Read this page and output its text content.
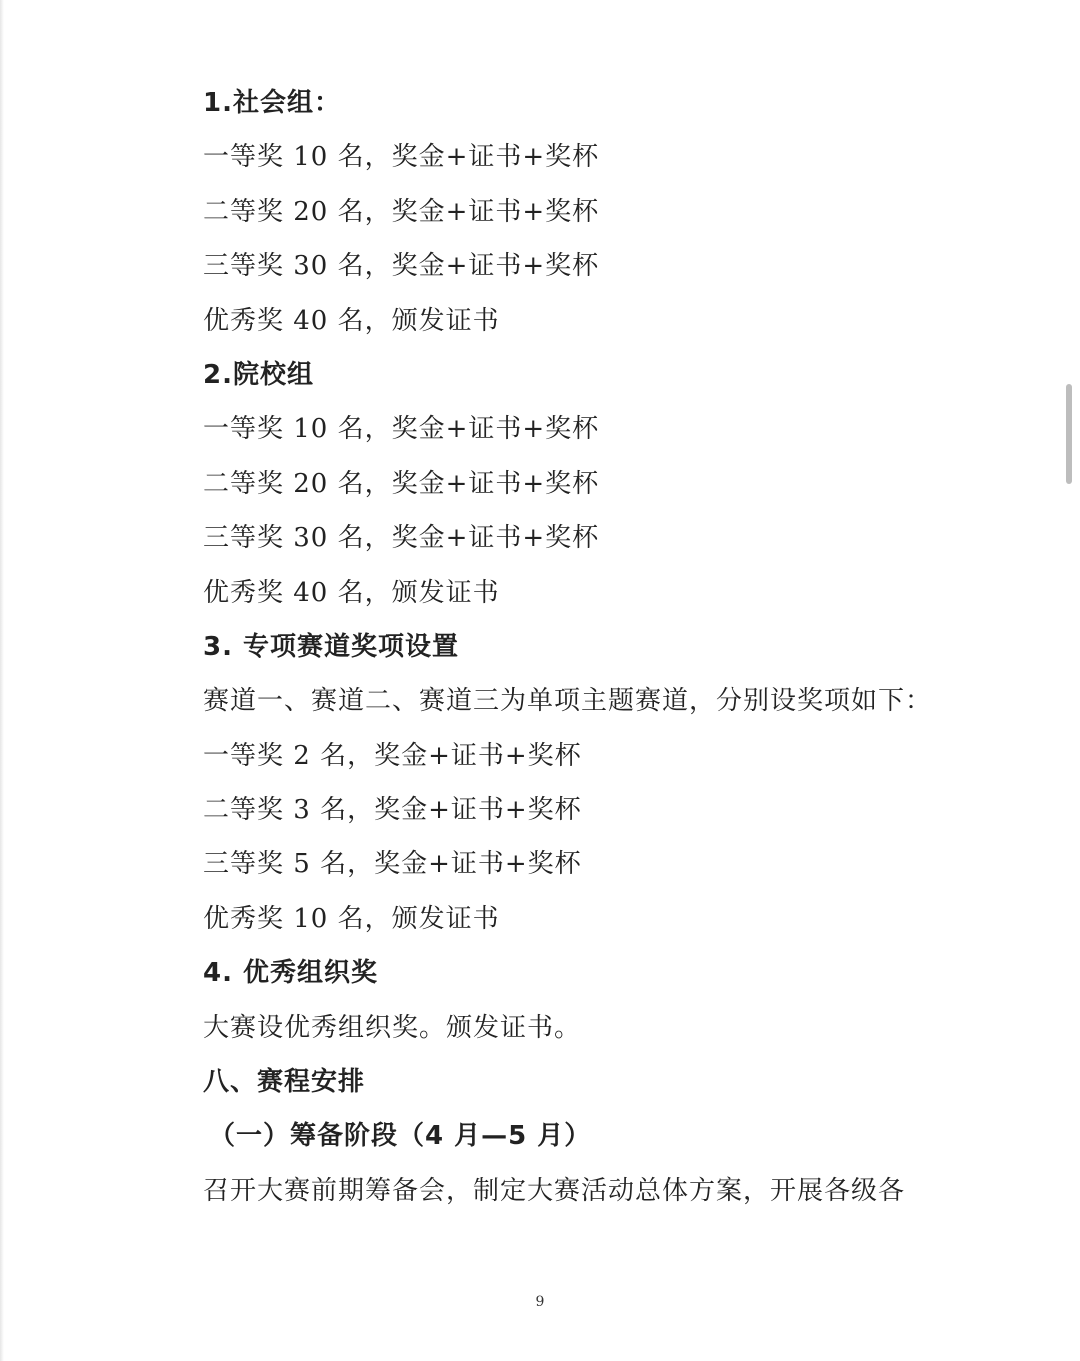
1.社会组：
一等奖 10 名，奖金+证书+奖杯
二等奖 20 名，奖金+证书+奖杯
三等奖 30 名，奖金+证书+奖杯
优秀奖 40 名，颁发证书
2.院校组
一等奖 10 名，奖金+证书+奖杯
二等奖 20 名，奖金+证书+奖杯
三等奖 30 名，奖金+证书+奖杯
优秀奖 40 名，颁发证书
3. 专项赛道奖项设置
赛道一、赛道二、赛道三为单项主题赛道，分别设奖项如下：
一等奖 2 名，奖金+证书+奖杯
二等奖 3 名，奖金+证书+奖杯
三等奖 5 名，奖金+证书+奖杯
优秀奖 10 名，颁发证书
4. 优秀组织奖
大赛设优秀组织奖。颁发证书。
八、赛程安排
（一）筹备阶段（4 月—5 月）
召开大赛前期筹备会，制定大赛活动总体方案，开展各级各
9
